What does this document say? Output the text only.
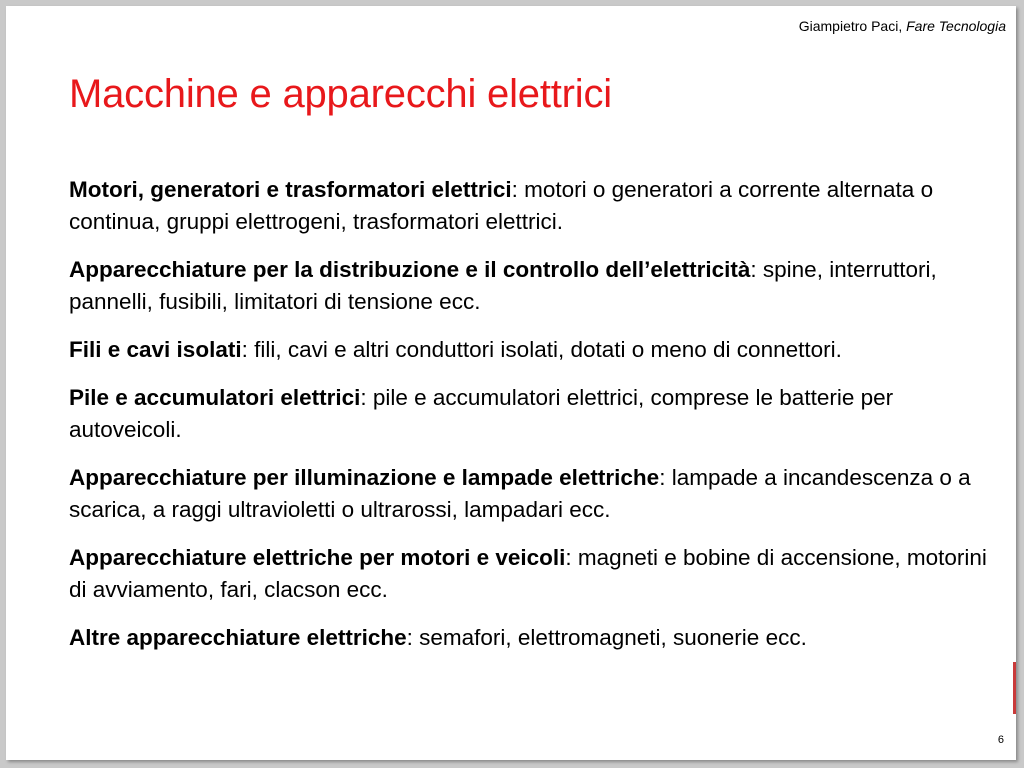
Giampietro Paci, Fare Tecnologia
Macchine e apparecchi elettrici

Motori, generatori e trasformatori elettrici: motori o generatori a corrente alternata o continua, gruppi elettrogeni, trasformatori elettrici.

Apparecchiature per la distribuzione e il controllo dell’elettricità: spine, interruttori, pannelli, fusibili, limitatori di tensione ecc.

Fili e cavi isolati: fili, cavi e altri conduttori isolati, dotati o meno di connettori.

Pile e accumulatori elettrici: pile e accumulatori elettrici, comprese le batterie per autoveicoli.

Apparecchiature per illuminazione e lampade elettriche: lampade a incandescenza o a scarica, a raggi ultravioletti o ultrarossi, lampadari ecc.

Apparecchiature elettriche per motori e veicoli: magneti e bobine di accensione, motorini di avviamento, fari, clacson ecc.

Altre apparecchiature elettriche: semafori, elettromagneti, suonerie ecc.

6
